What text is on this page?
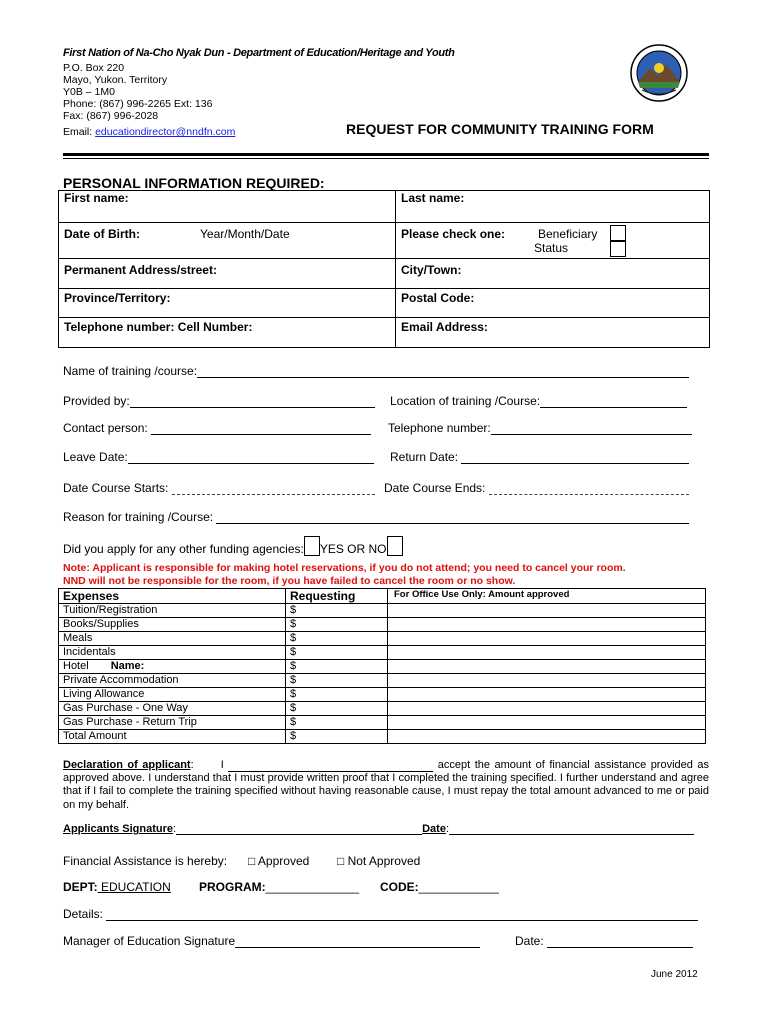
First Nation of Na-Cho Nyak Dun - Department of Education/Heritage and Youth
P.O. Box 220
Mayo, Yukon. Territory
Y0B – 1M0
Phone: (867) 996-2265 Ext: 136
Fax: (867) 996-2028
Email: educationdirector@nndfn.com	REQUEST FOR COMMUNITY TRAINING FORM
PERSONAL INFORMATION REQUIRED:
First name:	Last name:
Date of Birth: Year/Month/Date	Please check one: Beneficiary
Status

Permanent Address/street:	City/Town:
Province/Territory:	Postal Code:
Telephone number: Cell Number:	Email Address:
Name of training /course:
Provided by:	Location of training /Course:
Contact person:	Telephone number:
Leave Date:	Return Date:
Date Course Starts:	Date Course Ends:
Reason for training /Course:
Did you apply for any other funding agencies: YES OR NO
Note: Applicant is responsible for making hotel reservations, if you do not attend; you need to cancel your room.
NND will not be responsible for the room, if you have failed to cancel the room or no show.
Expenses	Requesting	For Office Use Only: Amount approved
Tuition/Registration	$	
Books/Supplies	$	
Meals	$	
Incidentals	$	
Hotel Name:	$	
Private Accommodation	$	
Living Allowance	$	
Gas Purchase - One Way	$	
Gas Purchase - Return Trip	$	
Total Amount	$	
Declaration of applicant: I	accept the amount of financial assistance provided as approved above. I understand that I must provide written proof that I completed the training specified. I further understand and agree that if I fail to complete the training specified without having reasonable cause, I must repay the total amount advanced to me or paid on my behalf.
Applicants Signature:	Date:
Financial Assistance is hereby: □ Approved □ Not Approved
DEPT: EDUCATION PROGRAM:______________ CODE:____________
Details:
Manager of Education Signature	Date:
June 2012
